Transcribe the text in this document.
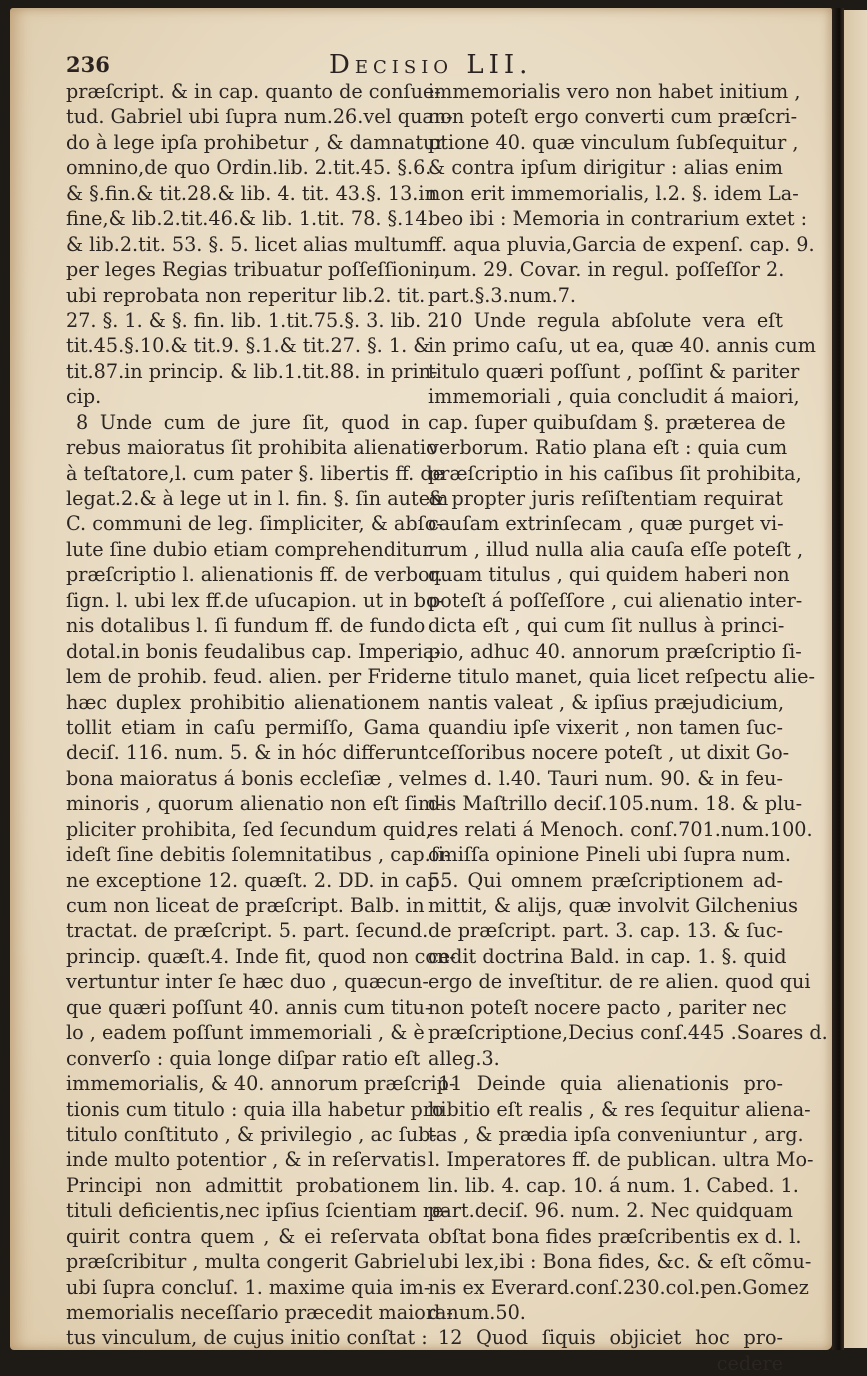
236	Decisio LII.
præſcript. & in cap. quanto de conſue-
tud. Gabriel ubi ſupra num.26.vel quan-
do à lege ipſa prohibetur , & damnatur
omnino,de quo Ordin.lib. 2.tit.45. §.6.
& §.fin.& tit.28.& lib. 4. tit. 43.§. 13.in
fine,& lib.2.tit.46.& lib. 1.tit. 78. §.14.
& lib.2.tit. 53. §. 5. licet alias multum
per leges Regias tribuatur poſſeſſioni ,
ubi reprobata non reperitur lib.2. tit.
27. §. 1. & §. fin. lib. 1.tit.75.§. 3. lib. 2.
tit.45.§.10.& tit.9. §.1.& tit.27. §. 1. &
tit.87.in princip. & lib.1.tit.88. in prin-
cip.
8 Unde cum de jure ſit, quod in
rebus maioratus ſit prohibita alienatio
à teſtatore,l. cum pater §. libertis ff. de
legat.2.& à lege ut in l. fin. §. ſin autem
C. communi de leg. ſimpliciter, & abſo-
lute ſine dubio etiam comprehenditur
præſcriptio l. alienationis ff. de verbor.
ſign. l. ubi lex ff.de uſucapion. ut in bo-
nis dotalibus l. ſi fundum ff. de fundo
dotal.in bonis feudalibus cap. Imperia-
lem de prohib. feud. alien. per Frider.
hæc duplex prohibitio alienationem
tollit etiam in caſu permiſſo, Gama
deciſ. 116. num. 5. & in hóc differunt
bona maioratus á bonis eccleſiæ , vel
minoris , quorum alienatio non eſt ſim-
pliciter prohibita, ſed ſecundum quid,
ideſt ſine debitis ſolemnitatibus , cap.ſi-
ne exceptione 12. quæſt. 2. DD. in cap.
cum non liceat de præſcript. Balb. in
tractat. de præſcript. 5. part. ſecund.
princip. quæſt.4. Inde fit, quod non con-
vertuntur inter ſe hæc duo , quæcun-
que quæri poſſunt 40. annis cum titu-
lo , eadem poſſunt immemoriali , & è
converſo : quia longe diſpar ratio eſt
immemorialis, & 40. annorum præſcrip-
tionis cum titulo : quia illa habetur pro
titulo conſtituto , & privilegio , ac ſub-
inde multo potentior , & in reſervatis
Principi non admittit probationem
tituli deficientis,nec ipſius ſcientiam re-
quirit contra quem , & ei reſervata
præſcribitur , multa congerit Gabriel
ubi ſupra concluſ. 1. maxime quia im-
memorialis neceſſario præcedit maiora-
tus vinculum, de cujus initio conſtat :
immemorialis vero non habet initium ,
non poteſt ergo converti cum præſcri-
ptione 40. quæ vinculum ſubſequitur ,
& contra ipſum dirigitur : alias enim
non erit immemorialis, l.2. §. idem La-
beo ibi : Memoria in contrarium extet :
ff. aqua pluvia,Garcia de expenſ. cap. 9.
num. 29. Covar. in regul. poſſeſſor 2.
part.§.3.num.7.
10 Unde regula abſolute vera eſt
in primo caſu, ut ea, quæ 40. annis cum
titulo quæri poſſunt , poſſint & pariter
immemoriali , quia concludit á maiori,
cap. ſuper quibuſdam §. præterea de
verborum. Ratio plana eſt : quia cum
præſcriptio in his caſibus ſit prohibita,
& propter juris reſiſtentiam requirat
cauſam extrinſecam , quæ purget vi-
rum , illud nulla alia cauſa eſſe poteſt ,
quam titulus , qui quidem haberi non
poteſt á poſſeſſore , cui alienatio inter-
dicta eſt , qui cum ſit nullus à princi-
pio, adhuc 40. annorum præſcriptio ſi-
ne titulo manet, quia licet reſpectu alie-
nantis valeat , & ipſius præjudicium,
quandiu ipſe vixerit , non tamen ſuc-
ceſſoribus nocere poteſt , ut dixit Go-
mes d. l.40. Tauri num. 90. & in feu-
dis Maſtrillo deciſ.105.num. 18. & plu-
res relati á Menoch. conſ.701.num.100.
omiſſa opinione Pineli ubi ſupra num.
55. Qui omnem præſcriptionem ad-
mittit, & alijs, quæ involvit Gilchenius
de præſcript. part. 3. cap. 13. & ſuc-
cedit doctrina Bald. in cap. 1. §. quid
ergo de inveſtitur. de re alien. quod qui
non poteſt nocere pacto , pariter nec
præſcriptione,Decius conſ.445 .Soares d.
alleg.3.
11 Deinde quia alienationis pro-
hibitio eſt realis , & res ſequitur aliena-
tas , & prædia ipſa conveniuntur , arg.
l. Imperatores ff. de publican. ultra Mo-
lin. lib. 4. cap. 10. á num. 1. Cabed. 1.
part.deciſ. 96. num. 2. Nec quidquam
obſtat bona fides præſcribentis ex d. l.
ubi lex,ibi : Bona fides, &c. & eſt cõmu-
nis ex Everard.conſ.230.col.pen.Gomez
d.num.50.
12 Quod ſiquis objiciet hoc pro-
cedere
